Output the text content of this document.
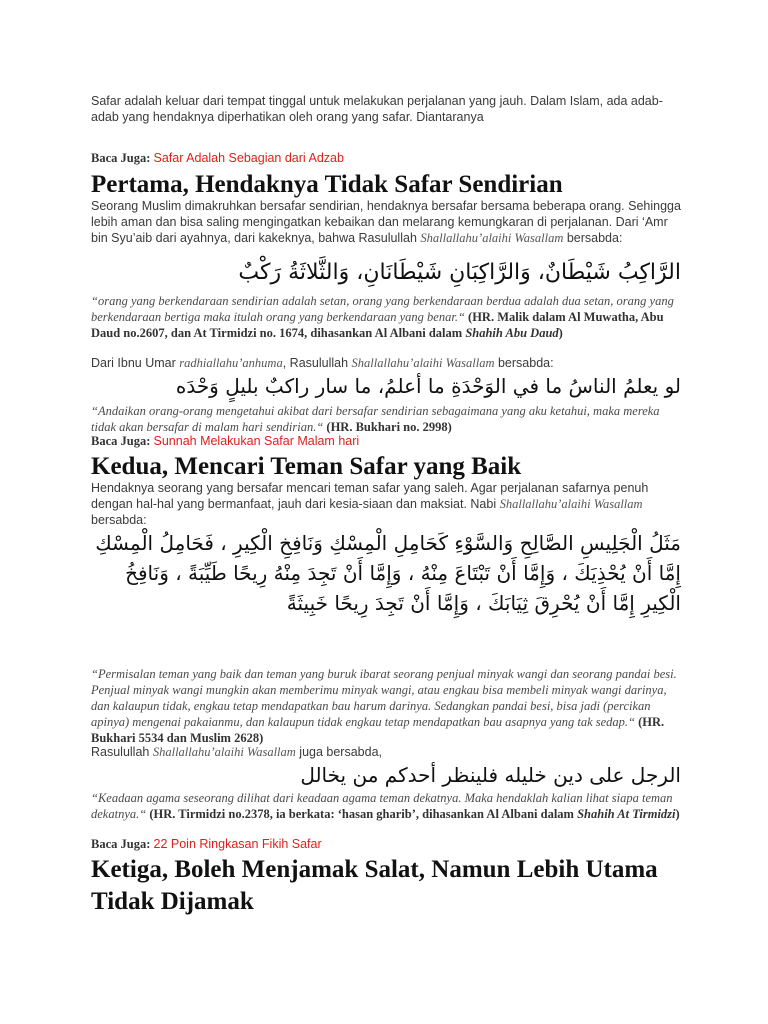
Safar adalah keluar dari tempat tinggal untuk melakukan perjalanan yang jauh. Dalam Islam, ada adab-adab yang hendaknya diperhatikan oleh orang yang safar. Diantaranya
Baca Juga: Safar Adalah Sebagian dari Adzab
Pertama, Hendaknya Tidak Safar Sendirian
Seorang Muslim dimakruhkan bersafar sendirian, hendaknya bersafar bersama beberapa orang. Sehingga lebih aman dan bisa saling mengingatkan kebaikan dan melarang kemungkaran di perjalanan. Dari ‘Amr bin Syu’aib dari ayahnya, dari kakeknya, bahwa Rasulullah Shallallahu’alaihi Wasallam bersabda:
الرَّاكِبُ شَيْطَانٌ، وَالرَّاكِبَانِ شَيْطَانَانِ، وَالثَّلاثَةُ رَكْبٌ
“orang yang berkendaraan sendirian adalah setan, orang yang berkendaraan berdua adalah dua setan, orang yang berkendaraan bertiga maka itulah orang yang berkendaraan yang benar.“ (HR. Malik dalam Al Muwatha, Abu Daud no.2607, dan At Tirmidzi no. 1674, dihasankan Al Albani dalam Shahih Abu Daud)
Dari Ibnu Umar radhiallahu’anhuma, Rasulullah Shallallahu’alaihi Wasallam bersabda:
لو يعلمُ الناسُ ما في الوَحْدَةِ ما أعلمُ، ما سار راكبٌ بليلٍ وَحْدَه
“Andaikan orang-orang mengetahui akibat dari bersafar sendirian sebagaimana yang aku ketahui, maka mereka tidak akan bersafar di malam hari sendirian.“ (HR. Bukhari no. 2998)
Baca Juga: Sunnah Melakukan Safar Malam hari
Kedua, Mencari Teman Safar yang Baik
Hendaknya seorang yang bersafar mencari teman safar yang saleh. Agar perjalanan safarnya penuh dengan hal-hal yang bermanfaat, jauh dari kesia-siaan dan maksiat. Nabi Shallallahu’alaihi Wasallam bersabda:
مَثَلُ الْجَلِيسِ الصَّالِحِ وَالسَّوْءِ كَحَامِلِ الْمِسْكِ وَنَافِخِ الْكِيرِ ، فَحَامِلُ الْمِسْكِ إِمَّا أَنْ يُحْذِيَكَ ، وَإِمَّا أَنْ تَبْتَاعَ مِنْهُ ، وَإِمَّا أَنْ تَجِدَ مِنْهُ رِيحًا طَيِّبَةً ، وَنَافِخُ الْكِيرِ إِمَّا أَنْ يُحْرِقَ ثِيَابَكَ ، وَإِمَّا أَنْ تَجِدَ رِيحًا خَبِيثَةً
“Permisalan teman yang baik dan teman yang buruk ibarat seorang penjual minyak wangi dan seorang pandai besi. Penjual minyak wangi mungkin akan memberimu minyak wangi, atau engkau bisa membeli minyak wangi darinya, dan kalaupun tidak, engkau tetap mendapatkan bau harum darinya. Sedangkan pandai besi, bisa jadi (percikan apinya) mengenai pakaianmu, dan kalaupun tidak engkau tetap mendapatkan bau asapnya yang tak sedap.“ (HR. Bukhari 5534 dan Muslim 2628)
Rasulullah Shallallahu’alaihi Wasallam juga bersabda,
الرجل على دين خليله فلينظر أحدكم من يخالل
“Keadaan agama seseorang dilihat dari keadaan agama teman dekatnya. Maka hendaklah kalian lihat siapa teman dekatnya.“ (HR. Tirmidzi no.2378, ia berkata: ‘hasan gharib’, dihasankan Al Albani dalam Shahih At Tirmidzi)
Baca Juga: 22 Poin Ringkasan Fikih Safar
Ketiga, Boleh Menjamak Salat, Namun Lebih Utama Tidak Dijamak
